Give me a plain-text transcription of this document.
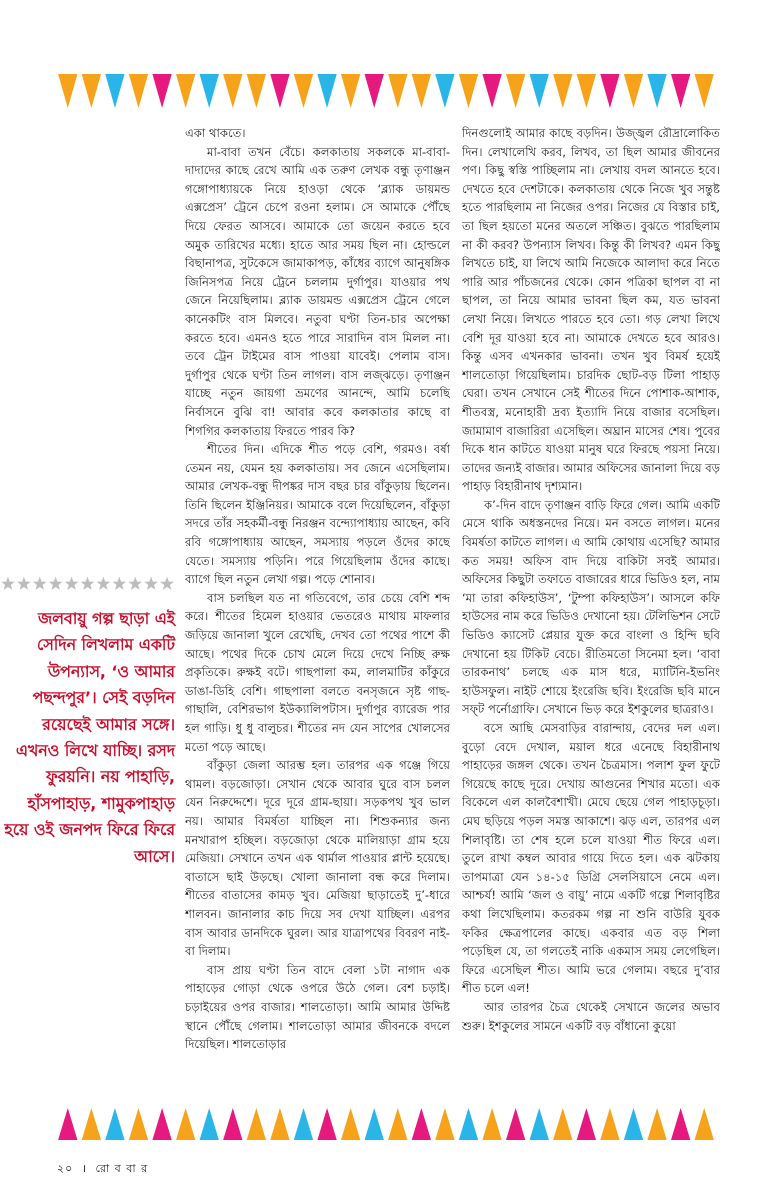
একা থাকতে।

মা-বাবা তখন বেঁচে। কলকাতায় সকলকে মা-বাবা-দাদাদের কাছে রেখে আমি এক তরুণ লেখক বন্ধু তৃণাঞ্জন গঙ্গোপাধ্যায়কে নিয়ে হাওড়া থেকে ‘ব্ল্যাক ডায়মন্ড এক্সপ্রেস’ ট্রেনে চেপে রওনা হলাম। সে আমাকে পৌঁছে দিয়ে ফেরত আসবে। আমাকে তো জয়েন করতে হবে অমুক তারিখের মধ্যে। হাতে আর সময় ছিল না। হোল্ডলে বিছানাপত্র, সুটকেসে জামাকাপড়, কাঁধের ব্যাগে আনুষঙ্গিক জিনিসপত্র নিয়ে ট্রেনে চললাম দুর্গাপুর। যাওয়ার পথ জেনে নিয়েছিলাম। ব্ল্যাক ডায়মন্ড এক্সপ্রেস ট্রেনে গেলে কানেকটিং বাস মিলবে। নতুবা ঘণ্টা তিন-চার অপেক্ষা করতে হবে। এমনও হতে পারে সারাদিন বাস মিলল না। তবে ট্রেন টাইমের বাস পাওয়া যাবেই। পেলাম বাস। দুর্গাপুর থেকে ঘণ্টা তিন লাগল। বাস লজ্‌ঝড়ে। তৃণাঞ্জন যাচ্ছে নতুন জায়গা ভ্রমণের আনন্দে, আমি চলেছি নির্বাসনে বুঝি বা! আবার কবে কলকাতার কাছে বা শিগগির কলকাতায় ফিরতে পারব কি?

শীতের দিন। এদিকে শীত পড়ে বেশি, গরমও। বর্ষা তেমন নয়, যেমন হয় কলকাতায়। সব জেনে এসেছিলাম। আমার লেখক-বন্ধু দীপঙ্কর দাস বছর চার বাঁকুড়ায় ছিলেন। তিনি ছিলেন ইঞ্জিনিয়র। আমাকে বলে দিয়েছিলেন, বাঁকুড়া সদরে তাঁর সহকর্মী-বন্ধু নিরঞ্জন বন্দ্যোপাধ্যায় আছেন, কবি রবি গঙ্গোপাধ্যায় আছেন, সমস্যায় পড়লে ওঁদের কাছে যেতে। সমস্যায় পড়িনি। পরে গিয়েছিলাম ওঁদের কাছে। ব্যাগে ছিল নতুন লেখা গল্প। পড়ে শোনাব।

বাস চলছিল যত না গতিবেগে, তার চেয়ে বেশি শব্দ করে। শীতের হিমেল হাওয়ার ভেতরেও মাথায় মাফলার জড়িয়ে জানালা খুলে রেখেছি, দেখব তো পথের পাশে কী আছে। পথের দিকে চোখ মেলে দিয়ে দেখে নিচ্ছি রুক্ষ প্রকৃতিকে। রুক্ষই বটে। গাছপালা কম, লালমাটির কাঁকুরে ডাঙা-ডিহি বেশি। গাছপালা বলতে বনসৃজনে সৃষ্ট গাছ-গাছালি, বেশিরভাগ ইউক্যালিপটাস। দুর্গাপুর ব্যারেজ পার হল গাড়ি। ধু ধু বালুচর। শীতের নদ যেন সাপের খোলসের মতো পড়ে আছে।

বাঁকুড়া জেলা আরম্ভ হল। তারপর এক গঞ্জে গিয়ে থামল। বড়জোড়া। সেখান থেকে আবার ঘুরে বাস চলল যেন নিরুদ্দেশে। দূরে দূরে গ্রাম-ছায়া। সড়কপথ খুব ভাল নয়। আমার বিমর্ষতা যাচ্ছিল না। শিশুকন্যার জন্য মনখারাপ হচ্ছিল। বড়জোড়া থেকে মালিয়াড়া গ্রাম হয়ে মেজিয়া। সেখানে তখন এক থার্মাল পাওয়ার প্লান্ট হয়েছে। বাতাসে ছাই উড়ছে। খোলা জানালা বন্ধ করে দিলাম। শীতের বাতাসের কামড় খুব। মেজিয়া ছাড়াতেই দু’-ধারে শালবন। জানালার কাচ দিয়ে সব দেখা যাচ্ছিল। এরপর বাস আবার ডানদিকে ঘুরল। আর যাত্রাপথের বিবরণ নাই-বা দিলাম।

বাস প্রায় ঘণ্টা তিন বাদে বেলা ১টা নাগাদ এক পাহাড়ের গোড়া থেকে ওপরে উঠে গেল। বেশ চড়াই। চড়াইয়ের ওপর বাজার। শালতোড়া। আমি আমার উদ্দিষ্ট স্থানে পৌঁছে গেলাম। শালতোড়া আমার জীবনকে বদলে দিয়েছিল। শালতোড়ার

দিনগুলোই আমার কাছে বড়দিন। উজ্জ্বল রৌদ্রালোকিত দিন। লেখালেখি করব, লিখব, তা ছিল আমার জীবনের পণ। কিছু স্বস্তি পাচ্ছিলাম না। লেখায় বদল আনতে হবে। দেখতে হবে দেশটাকে। কলকাতায় থেকে নিজে খুব সন্তুষ্ট হতে পারছিলাম না নিজের ওপর। নিজের যে বিস্তার চাই, তা ছিল হয়তো মনের অতলে সঞ্চিত। বুঝতে পারছিলাম না কী করব? উপন্যাস লিখব। কিন্তু কী লিখব? এমন কিছু লিখতে চাই, যা লিখে আমি নিজেকে আলাদা করে নিতে পারি আর পাঁচজনের থেকে। কোন পত্রিকা ছাপল বা না ছাপল, তা নিয়ে আমার ভাবনা ছিল কম, যত ভাবনা লেখা নিয়ে। লিখতে পারতে হবে তো। গড় লেখা লিখে বেশি দূর যাওয়া হবে না। আমাকে দেখতে হবে আরও। কিন্তু এসব এখনকার ভাবনা। তখন খুব বিমর্ষ হয়েই শালতোড়া গিয়েছিলাম। চারদিক ছোট-বড় টিলা পাহাড় ঘেরা। তখন সেখানে সেই শীতের দিনে পোশাক-আশাক, শীতবস্ত্র, মনোহারী দ্রব্য ইত্যাদি নিয়ে বাজার বসেছিল। জামামাণ বাজারিরা এসেছিল। অঘ্রান মাসের শেষ। পুবের দিকে ধান কাটতে যাওয়া মানুষ ঘরে ফিরছে পয়সা নিয়ে। তাদের জন্যই বাজার। আমার অফিসের জানালা দিয়ে বড় পাহাড় বিহারীনাথ দৃশ্যমান।

ক’-দিন বাদে তৃণাঞ্জন বাড়ি ফিরে গেল। আমি একটি মেসে থাকি অধস্তনদের নিয়ে। মন বসতে লাগল। মনের বিমর্ষতা কাটতে লাগল। এ আমি কোথায় এসেছি? আমার কত সময়! অফিস বাদ দিয়ে বাকিটা সবই আমার। অফিসের কিছুটা তফাতে বাজারের ধারে ভিডিও হল, নাম ‘মা তারা কফিহাউস’, ‘টুম্পা কফিহাউস’। আসলে কফি হাউসের নাম করে ভিডিও দেখানো হয়। টেলিভিশন সেটে ভিডিও ক্যাসেট প্লেয়ার যুক্ত করে বাংলা ও হিন্দি ছবি দেখানো হয় টিকিট বেচে। রীতিমতো সিনেমা হল। ‘বাবা তারকনাথ’ চলছে এক মাস ধরে, ম্যাটিনি-ইভনিং হাউসফুল। নাইট শোয়ে ইংরেজি ছবি। ইংরেজি ছবি মানে সফ্‌ট পর্নোগ্রাফি। সেখানে ভিড় করে ইশকুলের ছাত্ররাও।

বসে আছি মেসবাড়ির বারান্দায়, বেদের দল এল। বুড়ো বেদে দেখাল, ময়াল ধরে এনেছে বিহারীনাথ পাহাড়ের জঙ্গল থেকে। তখন চৈত্রমাস। পলাশ ফুল ফুটে গিয়েছে কাছে দূরে। দেখায় আগুনের শিখার মতো। এক বিকেলে এল কালবৈশাখী। মেঘে ছেয়ে গেল পাহাড়চূড়া। মেঘ ছড়িয়ে পড়ল সমস্ত আকাশে। ঝড় এল, তারপর এল শিলাবৃষ্টি। তা শেষ হলে চলে যাওয়া শীত ফিরে এল। তুলে রাখা কম্বল আবার গায়ে দিতে হল। এক ঝটকায় তাপমাত্রা যেন ১৪-১৫ ডিগ্রি সেলসিয়াসে নেমে এল। আশ্চর্য! আমি ‘জল ও বায়ু’ নামে একটি গল্পে শিলাবৃষ্টির কথা লিখেছিলাম। কতরকম গল্প না শুনি বাউরি যুবক ফকির ক্ষেত্রপালের কাছে। একবার এত বড় শিলা পড়েছিল যে, তা গলতেই নাকি একমাস সময় লেগেছিল। ফিরে এসেছিল শীত। আমি ভরে গেলাম। বছরে দু’বার শীত চলে এল!

আর তারপর চৈত্র থেকেই সেখানে জলের অভাব শুরু। ইশকুলের সামনে একটি বড় বাঁধানো কুয়ো

জলবায়ু গল্প ছাড়া এই সেদিন লিখলাম একটি উপন্যাস, ‘ও আমার পছন্দপুর’। সেই বড়দিন রয়েছেই আমার সঙ্গে। এখনও লিখে যাচ্ছি। রসদ ফুরয়নি। নয় পাহাড়ি, হাঁসপাহাড়, শামুকপাহাড় হয়ে ওই জনপদ ফিরে ফিরে আসে।
২০ । রো ব বা র
